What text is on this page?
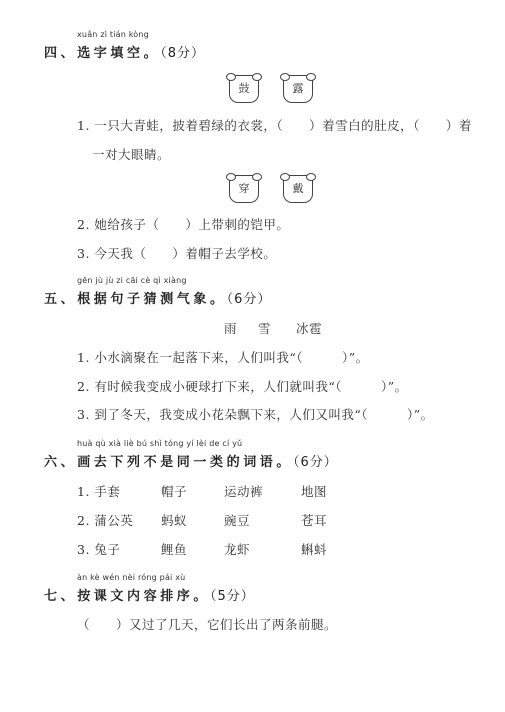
xuǎn zì tián kòng
四、选字填空。（8分）
鼓	露
1. 一只大青蛙，披着碧绿的衣裳，（　　）着雪白的肚皮，（　　）着
一对大眼睛。
穿	戴
2. 她给孩子（　　）上带刺的铠甲。
3. 今天我（　　）着帽子去学校。
gēn jù jù zi cāi cè qì xiàng
五、根据句子猜测气象。（6分）
雨 雪 冰雹
1. 小水滴聚在一起落下来，人们叫我“（　　　）”。
2. 有时候我变成小硬球打下来，人们就叫我“（　　　）”。
3. 到了冬天，我变成小花朵飘下来，人们又叫我“（　　　）”。
huà qù xià liè bú shì tóng yí lèi de cí yǔ
六、画去下列不是同一类的词语。（6分）
1. 手套	帽子	运动裤	地图
2. 蒲公英 蚂蚁	豌豆	苍耳
3. 兔子	鲤鱼	龙虾	蝌蚪
àn kè wén nèi róng pái xù
七、按课文内容排序。（5分）
（　　）又过了几天，它们长出了两条前腿。
